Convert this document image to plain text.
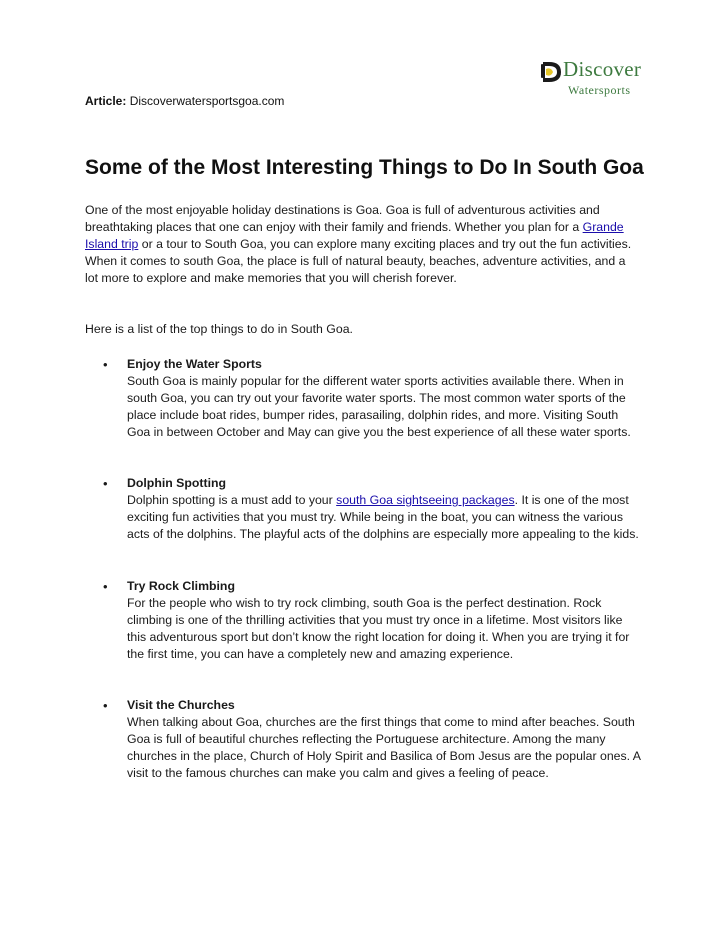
Discover
Watersports
Article: Discoverwatersportsgoa.com
Some of the Most Interesting Things to Do In South Goa

One of the most enjoyable holiday destinations is Goa. Goa is full of adventurous activities and breathtaking places that one can enjoy with their family and friends. Whether you plan for a Grande Island trip or a tour to South Goa, you can explore many exciting places and try out the fun activities. When it comes to south Goa, the place is full of natural beauty, beaches, adventure activities, and a lot more to explore and make memories that you will cherish forever.

Here is a list of the top things to do in South Goa.

• Enjoy the Water Sports

South Goa is mainly popular for the different water sports activities available there. When in south Goa, you can try out your favorite water sports. The most common water sports of the place include boat rides, bumper rides, parasailing, dolphin rides, and more. Visiting South Goa in between October and May can give you the best experience of all these water sports.

• Dolphin Spotting

Dolphin spotting is a must add to your south Goa sightseeing packages. It is one of the most exciting fun activities that you must try. While being in the boat, you can witness the various acts of the dolphins. The playful acts of the dolphins are especially more appealing to the kids.

• Try Rock Climbing

For the people who wish to try rock climbing, south Goa is the perfect destination. Rock climbing is one of the thrilling activities that you must try once in a lifetime. Most visitors like this adventurous sport but don’t know the right location for doing it. When you are trying it for the first time, you can have a completely new and amazing experience.

• Visit the Churches

When talking about Goa, churches are the first things that come to mind after beaches. South Goa is full of beautiful churches reflecting the Portuguese architecture. Among the many churches in the place, Church of Holy Spirit and Basilica of Bom Jesus are the popular ones. A visit to the famous churches can make you calm and gives a feeling of peace.
